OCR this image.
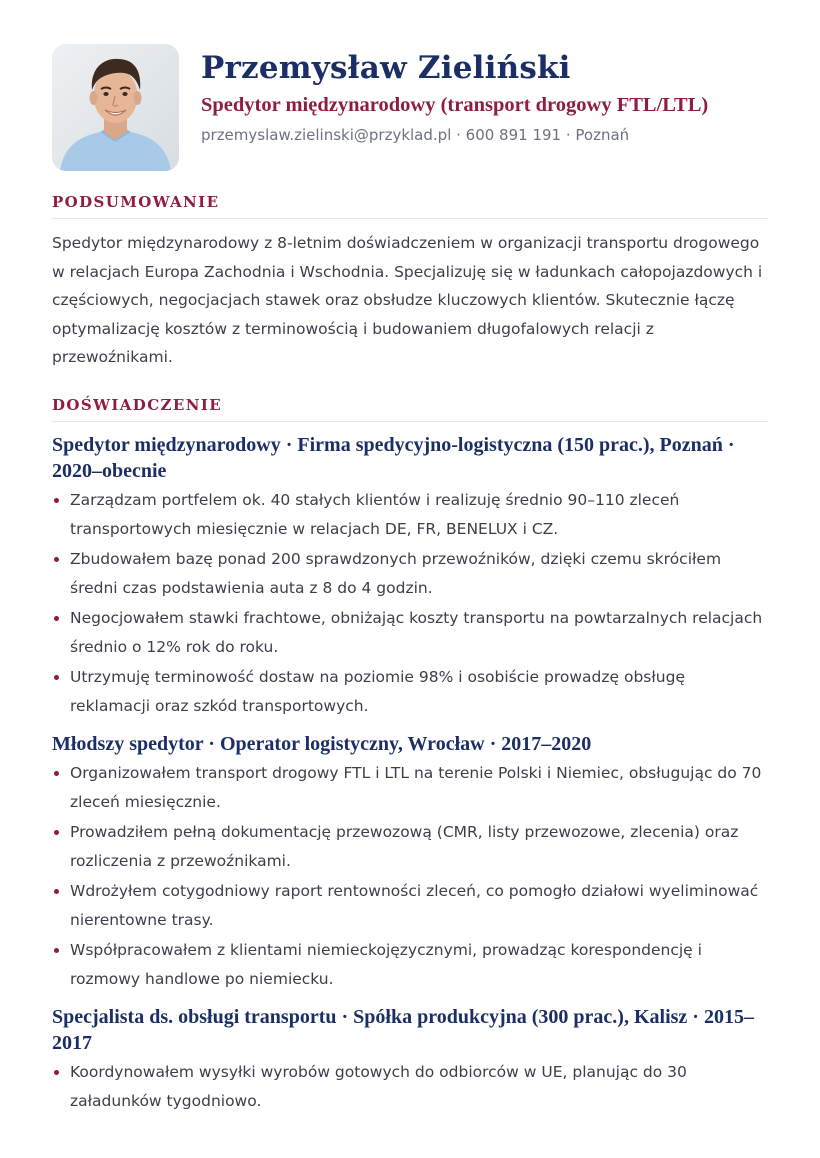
Przemysław Zieliński
Spedytor międzynarodowy (transport drogowy FTL/LTL)
przemyslaw.zielinski@przyklad.pl · 600 891 191 · Poznań
PODSUMOWANIE

Spedytor międzynarodowy z 8-letnim doświadczeniem w organizacji transportu drogowego w relacjach Europa Zachodnia i Wschodnia. Specjalizuję się w ładunkach całopojazdowych i częściowych, negocjacjach stawek oraz obsłudze kluczowych klientów. Skutecznie łączę optymalizację kosztów z terminowością i budowaniem długofalowych relacji z przewoźnikami.

DOŚWIADCZENIE
Spedytor międzynarodowy · Firma spedycyjno-logistyczna (150 prac.), Poznań · 2020–obecnie
Zarządzam portfelem ok. 40 stałych klientów i realizuję średnio 90–110 zleceń transportowych miesięcznie w relacjach DE, FR, BENELUX i CZ.
Zbudowałem bazę ponad 200 sprawdzonych przewoźników, dzięki czemu skróciłem średni czas podstawienia auta z 8 do 4 godzin.
Negocjowałem stawki frachtowe, obniżając koszty transportu na powtarzalnych relacjach średnio o 12% rok do roku.
Utrzymuję terminowość dostaw na poziomie 98% i osobiście prowadzę obsługę reklamacji oraz szkód transportowych.
Młodszy spedytor · Operator logistyczny, Wrocław · 2017–2020
Organizowałem transport drogowy FTL i LTL na terenie Polski i Niemiec, obsługując do 70 zleceń miesięcznie.
Prowadziłem pełną dokumentację przewozową (CMR, listy przewozowe, zlecenia) oraz rozliczenia z przewoźnikami.
Wdrożyłem cotygodniowy raport rentowności zleceń, co pomogło działowi wyeliminować nierentowne trasy.
Współpracowałem z klientami niemieckojęzycznymi, prowadząc korespondencję i rozmowy handlowe po niemiecku.
Specjalista ds. obsługi transportu · Spółka produkcyjna (300 prac.), Kalisz · 2015–2017
Koordynowałem wysyłki wyrobów gotowych do odbiorców w UE, planując do 30 załadunków tygodniowo.
